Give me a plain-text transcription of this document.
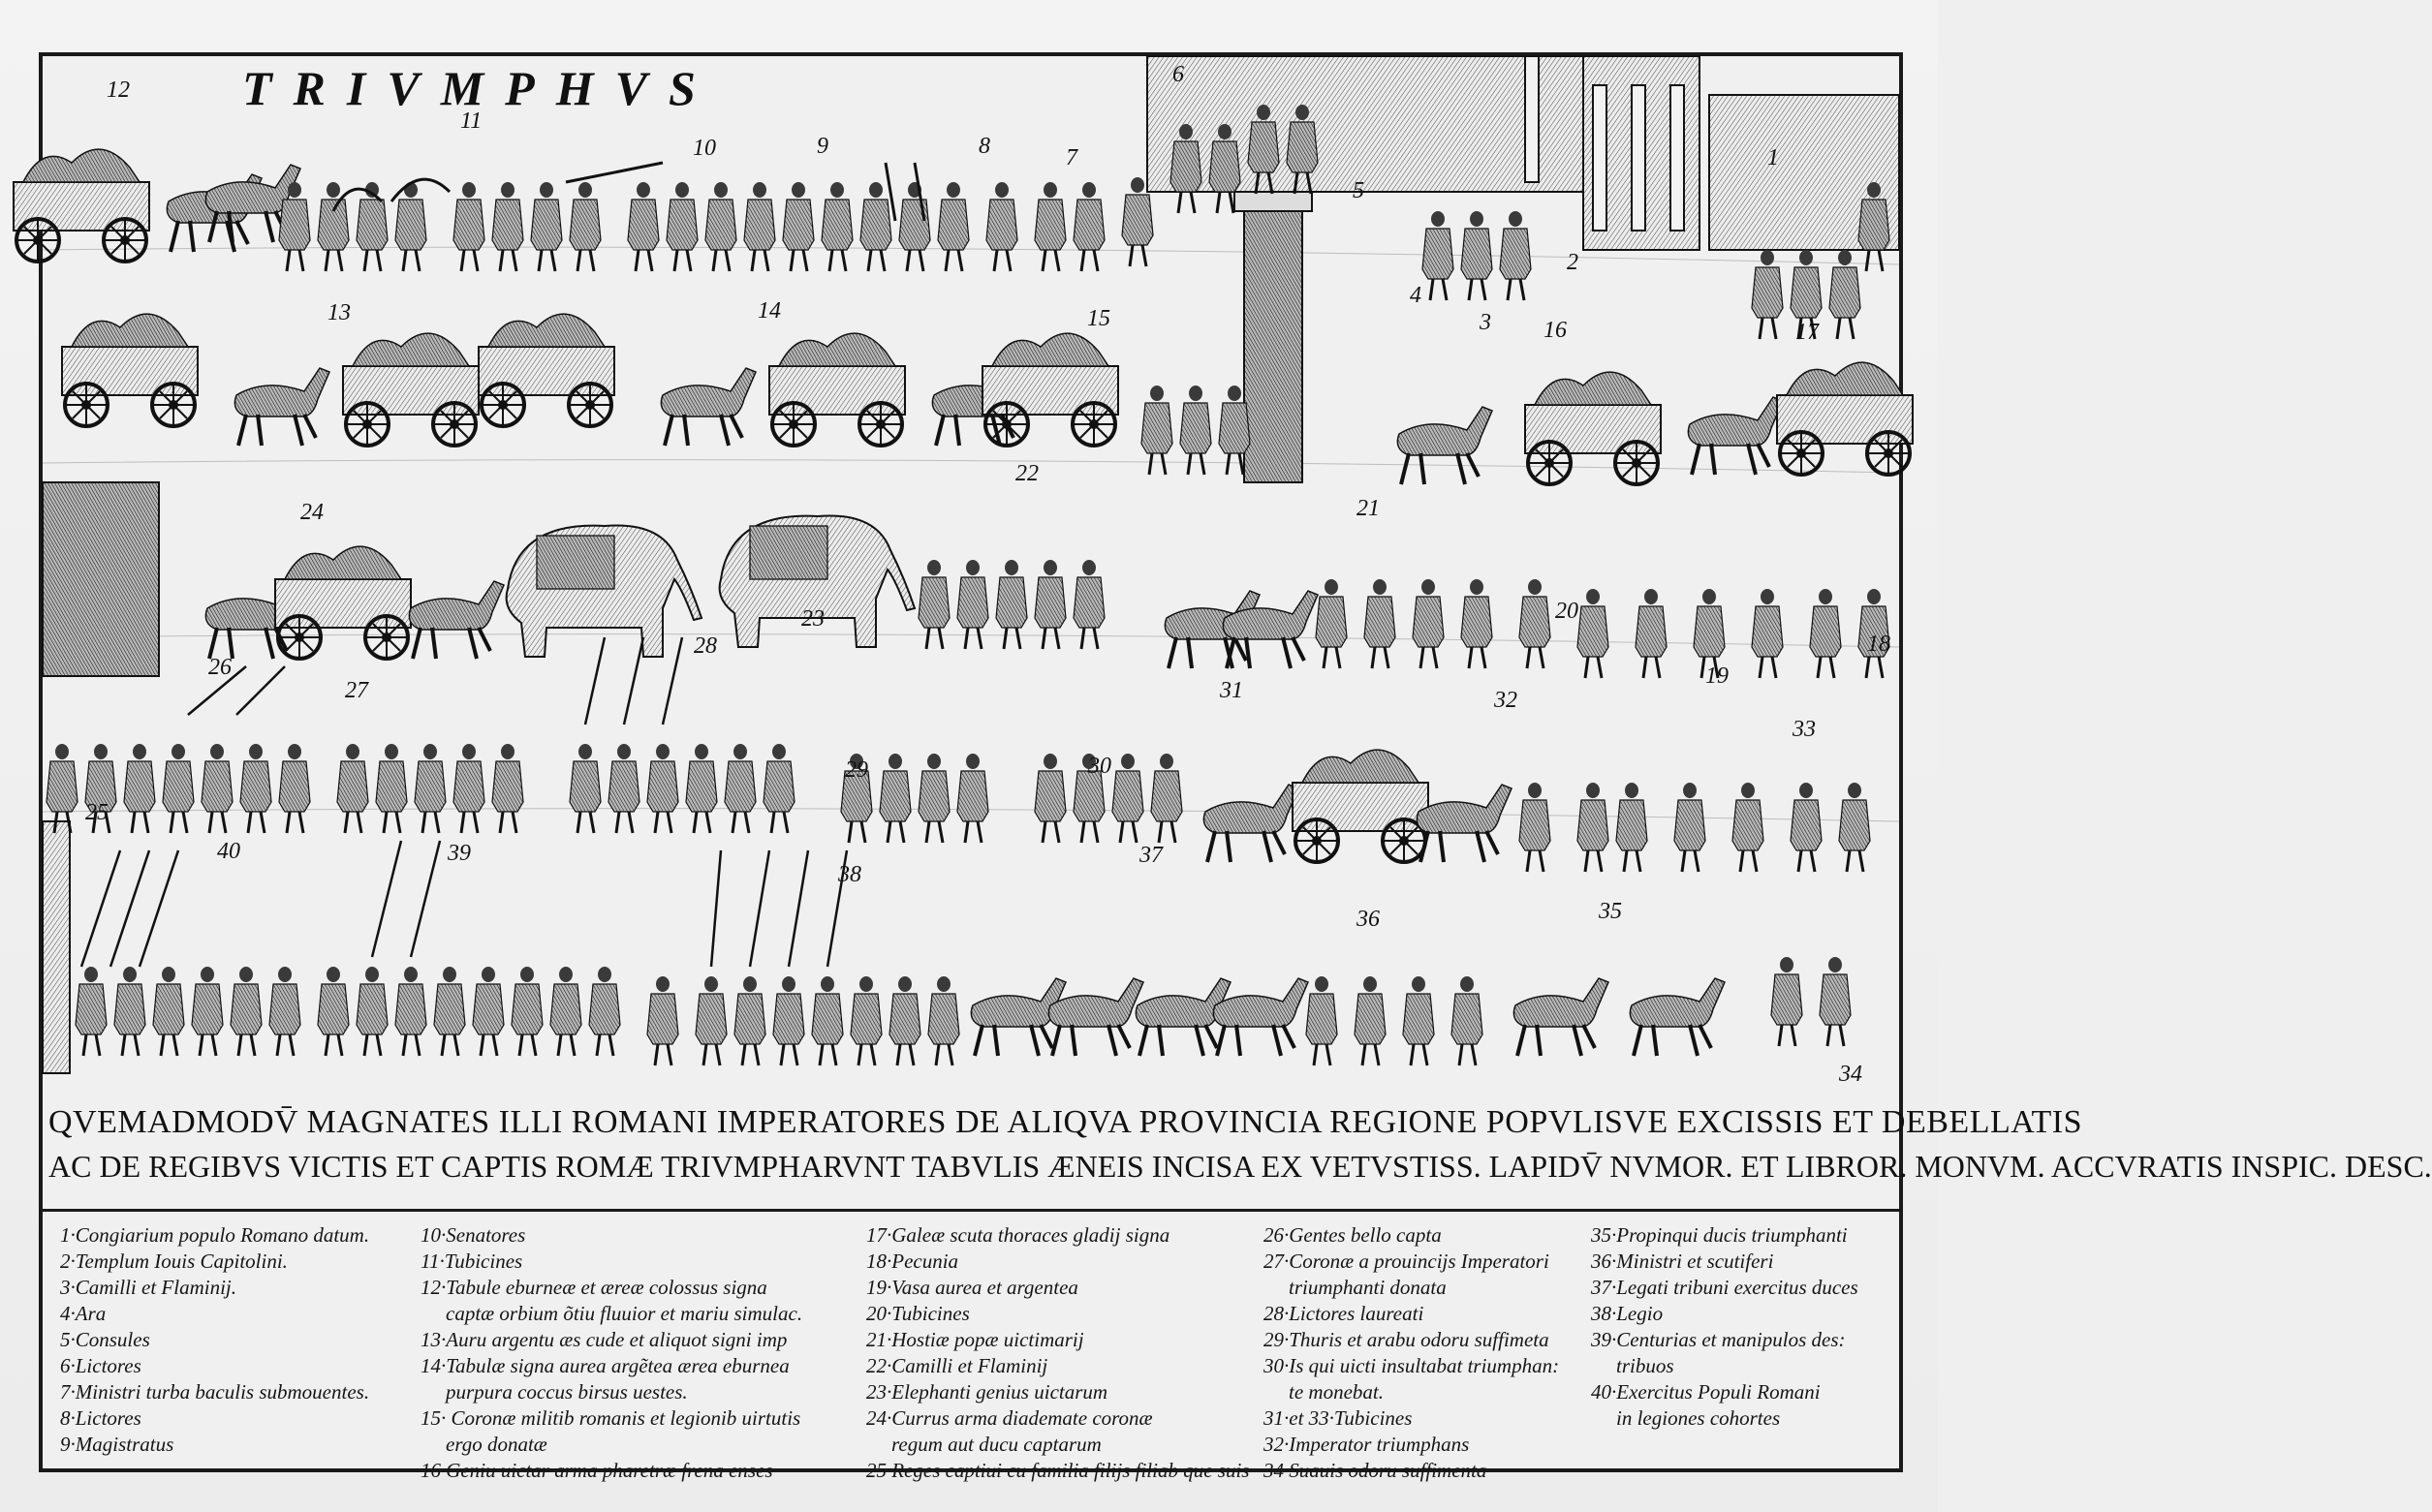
TRIVMPHVS
12
11
10	9	8	7
6
5
1
2
3
4
13	14	15	16	17
24
22
21
20
23
18
19
26
27
28
29	30
31	32
33
25
40	39
38
37
36	35
34
QVEMADMODV̄ MAGNATES ILLI ROMANI IMPERATORES DE ALIQVA PROVINCIA REGIONE POPVLISVE EXCISSIS ET DEBELLATIS
AC DE REGIBVS VICTIS ET CAPTIS ROMÆ TRIVMPHARVNT TABVLIS ÆNEIS INCISA EX VETVSTISS. LAPIDV̄ NVMOR. ET LIBROR. MONVM. ACCVRATIS INSPIC. DESC.
1·Congiarium populo Romano datum.
2·Templum Iouis Capitolini.
3·Camilli et Flaminij.
4·Ara
5·Consules
6·Lictores
7·Ministri turba baculis submouentes.
8·Lictores
9·Magistratus
10·Senatores
11·Tubicines
12·Tabule eburneæ et æreæ colossus signa
captæ orbium õtiu fluuior et mariu simulac.
13·Auru argentu æs cude et aliquot signi imp
14·Tabulæ signa aurea argẽtea ærea eburnea
purpura coccus birsus uestes.
15· Coronæ militib romanis et legionib uirtutis
ergo donatæ
16·Geniu uictar arma pharetræ frena enses
17·Galeæ scuta thoraces gladij signa
18·Pecunia
19·Vasa aurea et argentea
20·Tubicines
21·Hostiæ popæ uictimarij
22·Camilli et Flaminij
23·Elephanti genius uictarum
24·Currus arma diademate coronæ
regum aut ducu captarum
25·Reges captiui cu familia filijs filiab que suis
26·Gentes bello capta
27·Coronæ a prouincijs Imperatori
triumphanti donata
28·Lictores laureati
29·Thuris et arabu odoru suffimeta
30·Is qui uicti insultabat triumphan:
te monebat.
31·et 33·Tubicines
32·Imperator triumphans
34·Suauis odoru suffimenta
35·Propinqui ducis triumphanti
36·Ministri et scutiferi
37·Legati tribuni exercitus duces
38·Legio
39·Centurias et manipulos des:
tribuos
40·Exercitus Populi Romani
in legiones cohortes
